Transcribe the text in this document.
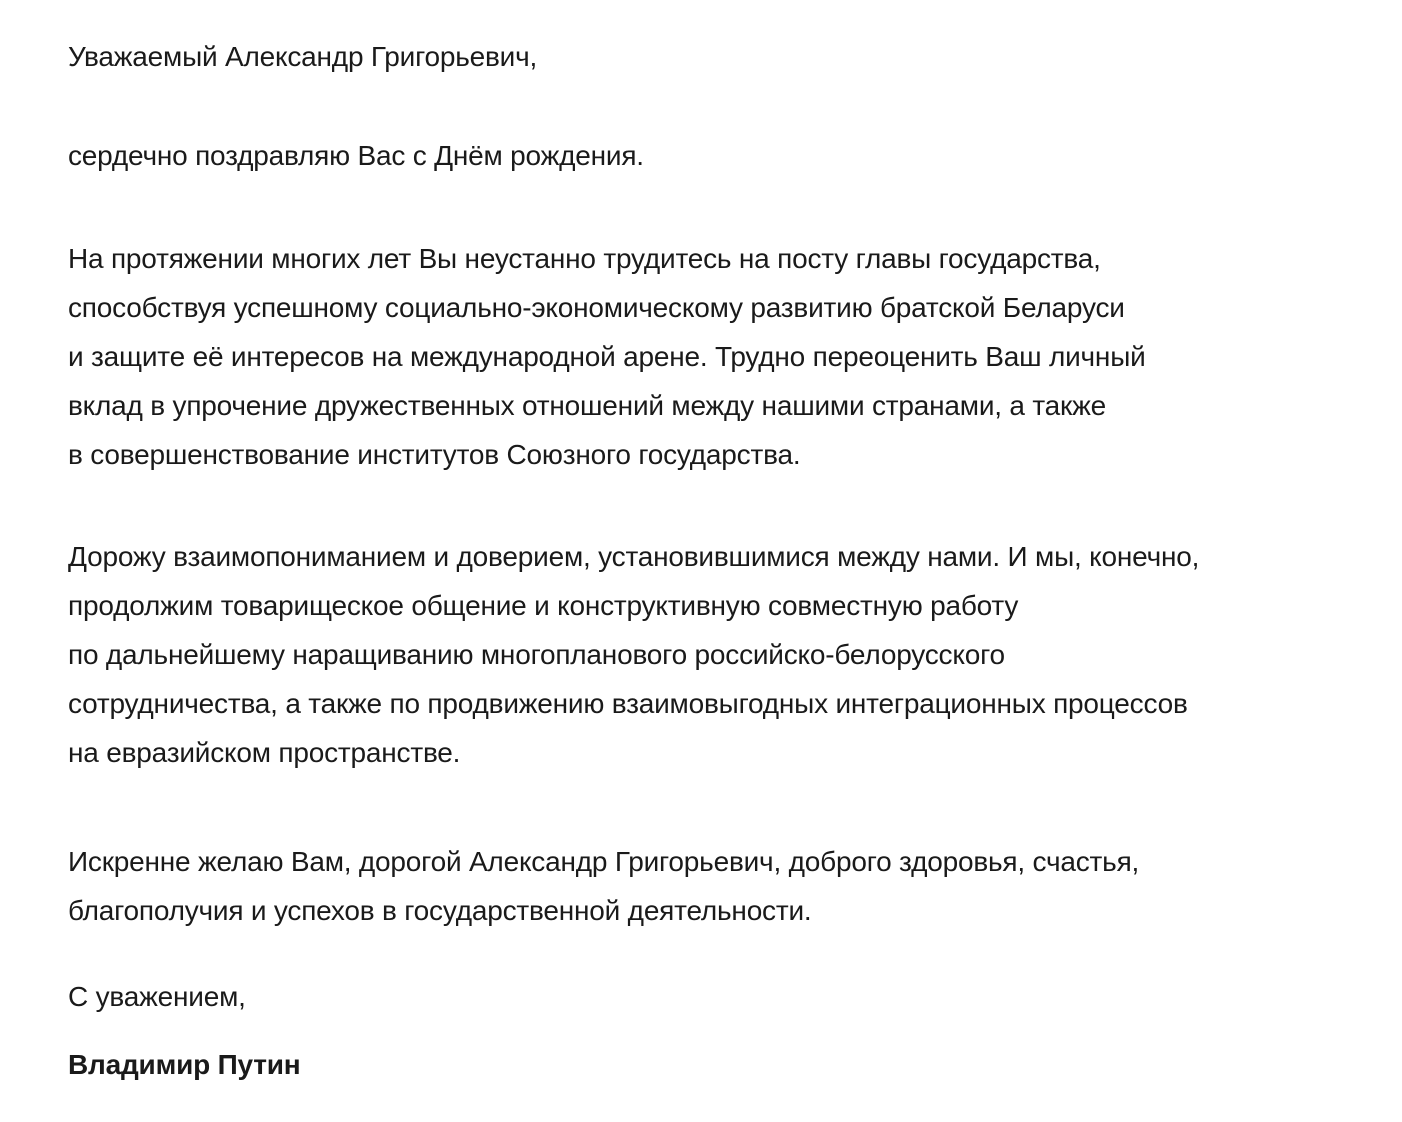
Уважаемый Александр Григорьевич,
сердечно поздравляю Вас с Днём рождения.
На протяжении многих лет Вы неустанно трудитесь на посту главы государства,
способствуя успешному социально-экономическому развитию братской Беларуси
и защите её интересов на международной арене. Трудно переоценить Ваш личный
вклад в упрочение дружественных отношений между нашими странами, а также
в совершенствование институтов Союзного государства.
Дорожу взаимопониманием и доверием, установившимися между нами. И мы, конечно,
продолжим товарищеское общение и конструктивную совместную работу
по дальнейшему наращиванию многопланового российско-белорусского
сотрудничества, а также по продвижению взаимовыгодных интеграционных процессов
на евразийском пространстве.
Искренне желаю Вам, дорогой Александр Григорьевич, доброго здоровья, счастья,
благополучия и успехов в государственной деятельности.
С уважением,
Владимир Путин
